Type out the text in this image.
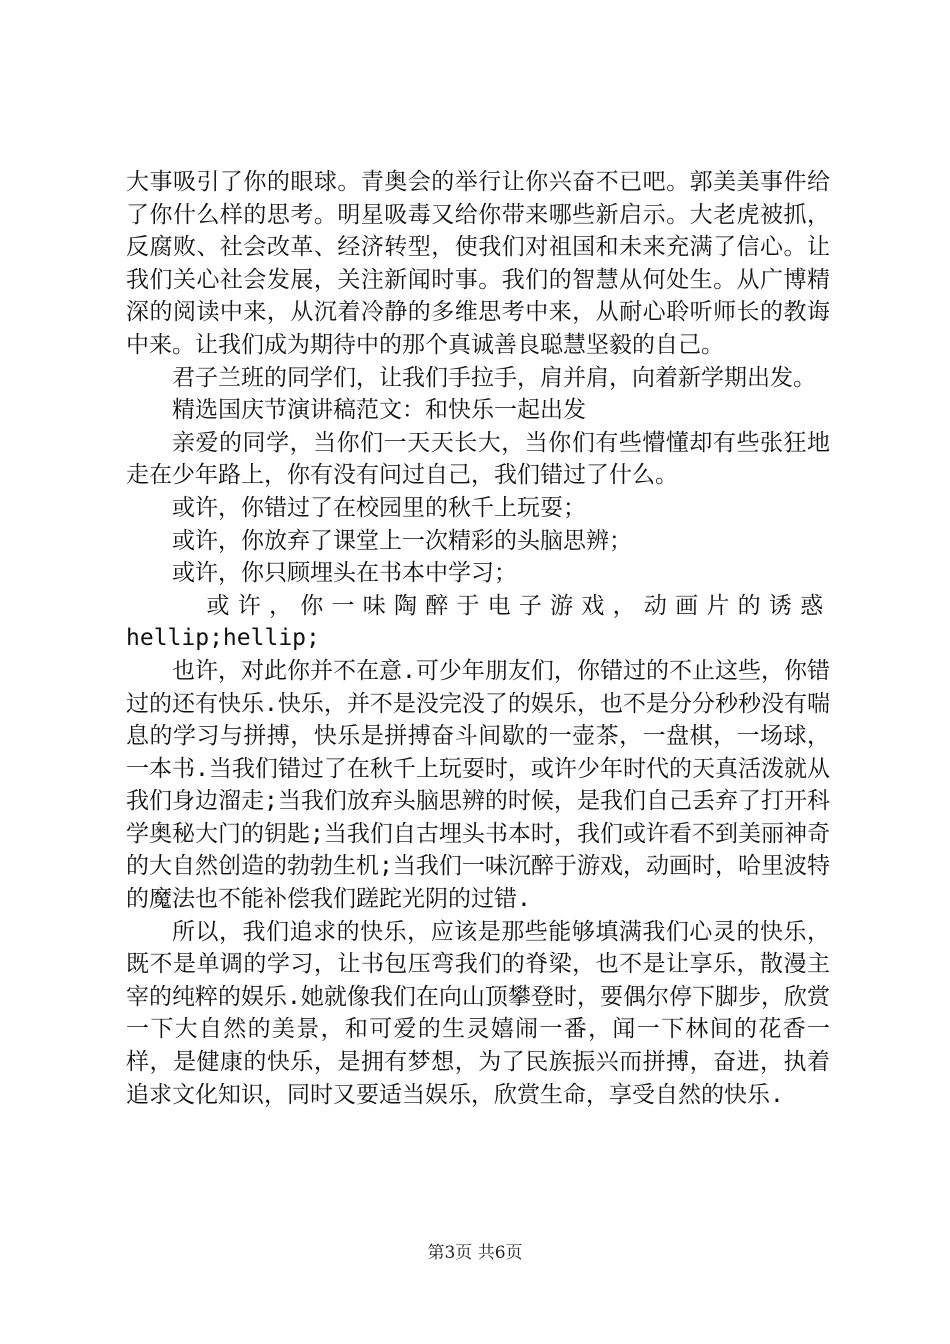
大事吸引了你的眼球。青奥会的举行让你兴奋不已吧。郭美美事件给了你什么样的思考。明星吸毒又给你带来哪些新启示。大老虎被抓，反腐败、社会改革、经济转型，使我们对祖国和未来充满了信心。让我们关心社会发展，关注新闻时事。我们的智慧从何处生。从广博精深的阅读中来，从沉着冷静的多维思考中来，从耐心聆听师长的教诲中来。让我们成为期待中的那个真诚善良聪慧坚毅的自己。

君子兰班的同学们，让我们手拉手，肩并肩，向着新学期出发。

精选国庆节演讲稿范文：和快乐一起出发

亲爱的同学，当你们一天天长大，当你们有些懵懂却有些张狂地走在少年路上，你有没有问过自己，我们错过了什么。

或许，你错过了在校园里的秋千上玩耍；

或许，你放弃了课堂上一次精彩的头脑思辨；

或许，你只顾埋头在书本中学习；

或许，你一味陶醉于电子游戏，动画片的诱惑

hellip;hellip;

也许，对此你并不在意.可少年朋友们，你错过的不止这些，你错过的还有快乐.快乐，并不是没完没了的娱乐，也不是分分秒秒没有喘息的学习与拼搏，快乐是拼搏奋斗间歇的一壶茶，一盘棋，一场球，一本书.当我们错过了在秋千上玩耍时，或许少年时代的天真活泼就从我们身边溜走;当我们放弃头脑思辨的时候，是我们自己丢弃了打开科学奥秘大门的钥匙;当我们自古埋头书本时，我们或许看不到美丽神奇的大自然创造的勃勃生机;当我们一味沉醉于游戏，动画时，哈里波特的魔法也不能补偿我们蹉跎光阴的过错.

所以，我们追求的快乐，应该是那些能够填满我们心灵的快乐，既不是单调的学习，让书包压弯我们的脊梁，也不是让享乐，散漫主宰的纯粹的娱乐.她就像我们在向山顶攀登时，要偶尔停下脚步，欣赏一下大自然的美景，和可爱的生灵嬉闹一番，闻一下林间的花香一样，是健康的快乐，是拥有梦想，为了民族振兴而拼搏，奋进，执着追求文化知识，同时又要适当娱乐，欣赏生命，享受自然的快乐.

第3页 共6页
